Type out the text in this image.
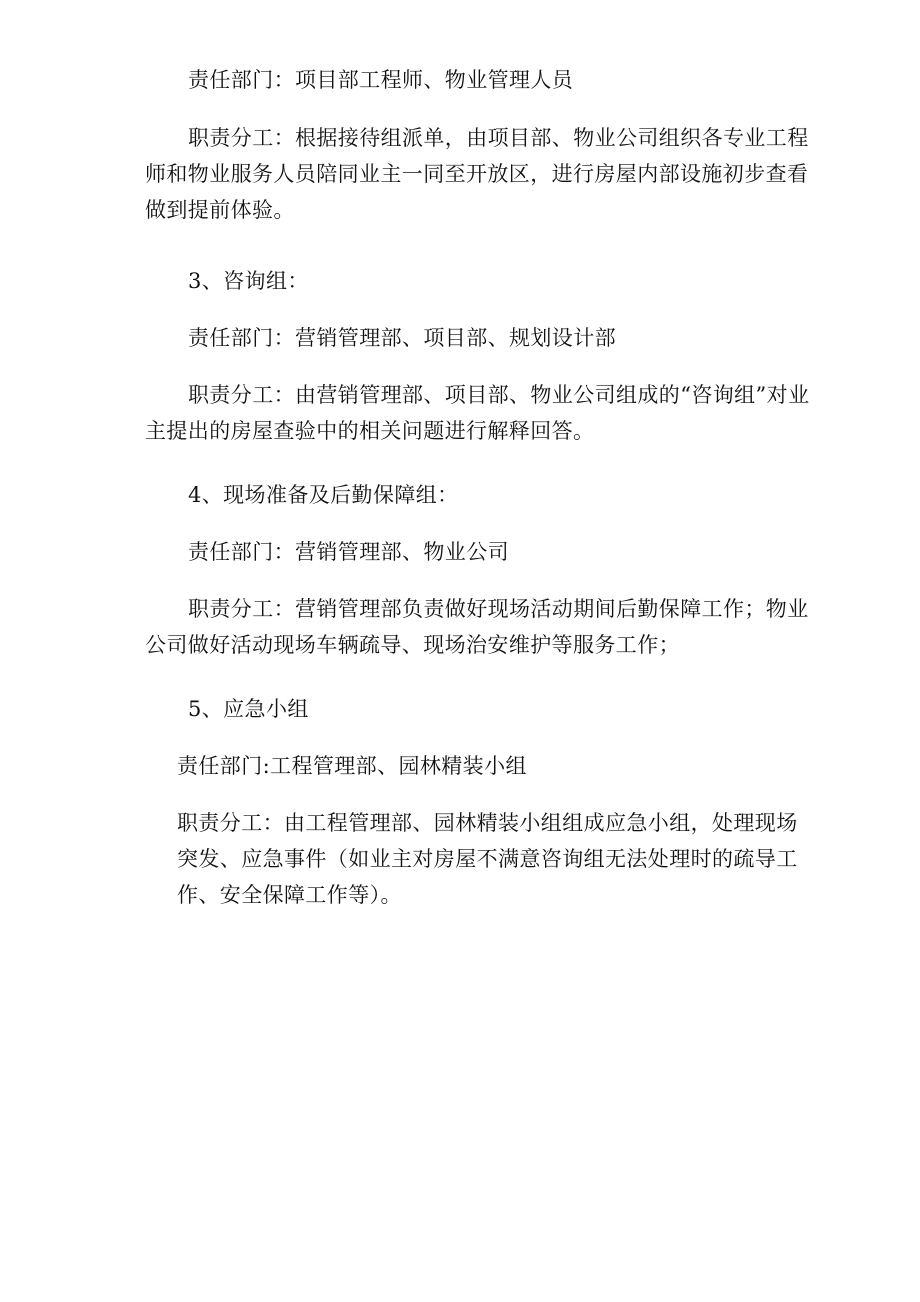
责任部门：项目部工程师、物业管理人员

职责分工：根据接待组派单，由项目部、物业公司组织各专业工程师和物业服务人员陪同业主一同至开放区，进行房屋内部设施初步查看做到提前体验。

3、咨询组：

责任部门：营销管理部、项目部、规划设计部

职责分工：由营销管理部、项目部、物业公司组成的“咨询组”对业主提出的房屋查验中的相关问题进行解释回答。

4、现场准备及后勤保障组：

责任部门：营销管理部、物业公司

职责分工：营销管理部负责做好现场活动期间后勤保障工作；物业公司做好活动现场车辆疏导、现场治安维护等服务工作；

5、应急小组

责任部门:工程管理部、园林精装小组

职责分工：由工程管理部、园林精装小组组成应急小组，处理现场突发、应急事件（如业主对房屋不满意咨询组无法处理时的疏导工作、安全保障工作等）。
